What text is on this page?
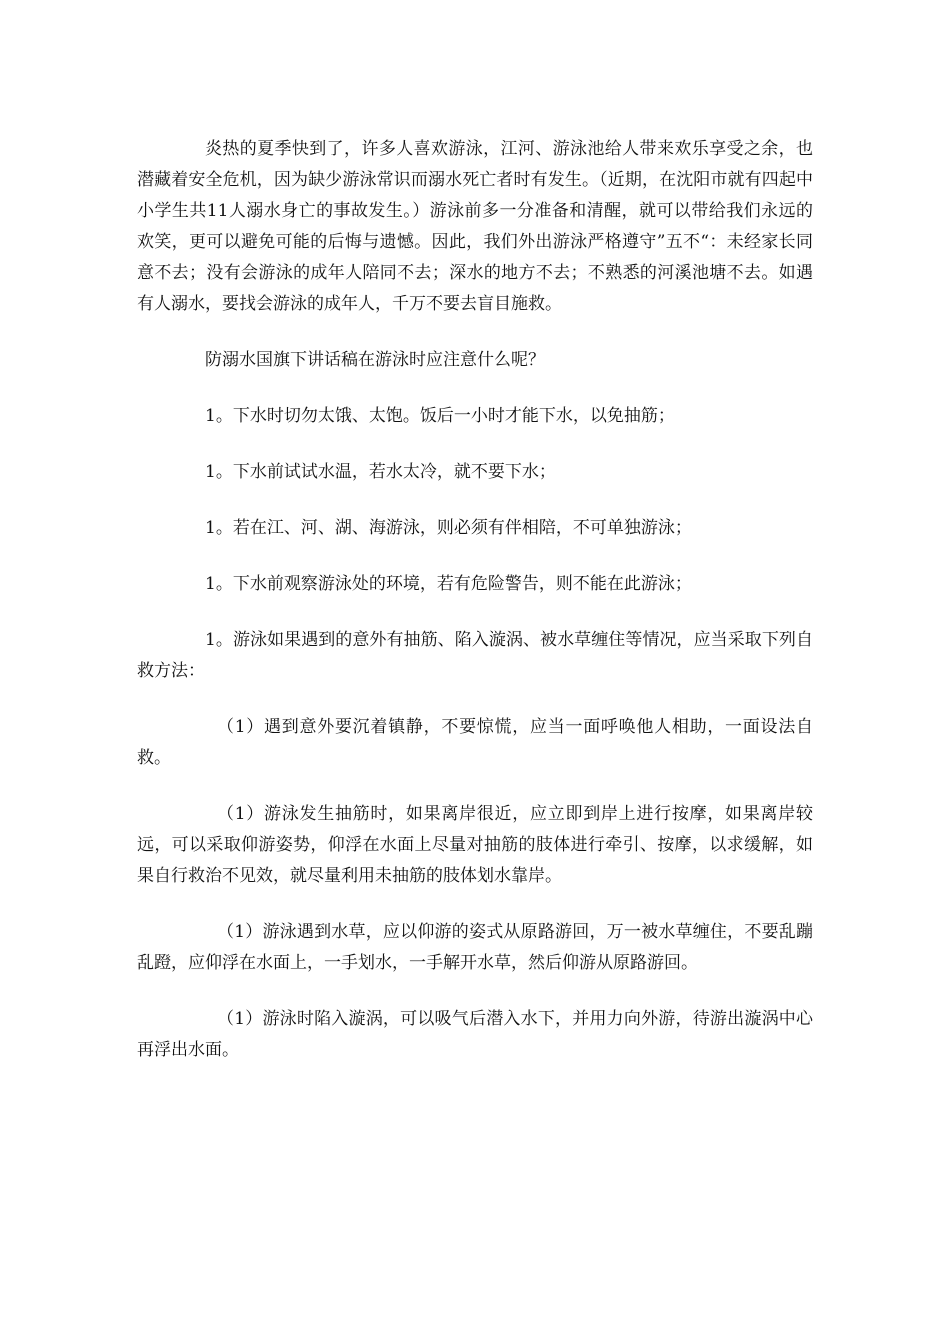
炎热的夏季快到了，许多人喜欢游泳，江河、游泳池给人带来欢乐享受之余，也潜藏着安全危机，因为缺少游泳常识而溺水死亡者时有发生。（近期，在沈阳市就有四起中小学生共11人溺水身亡的事故发生。）游泳前多一分准备和清醒，就可以带给我们永远的欢笑，更可以避免可能的后悔与遗憾。因此，我们外出游泳严格遵守”五不“：未经家长同意不去；没有会游泳的成年人陪同不去；深水的地方不去；不熟悉的河溪池塘不去。如遇有人溺水，要找会游泳的成年人，千万不要去盲目施救。

防溺水国旗下讲话稿在游泳时应注意什么呢？

1。下水时切勿太饿、太饱。饭后一小时才能下水，以免抽筋；

1。下水前试试水温，若水太冷，就不要下水；

1。若在江、河、湖、海游泳，则必须有伴相陪，不可单独游泳；

1。下水前观察游泳处的环境，若有危险警告，则不能在此游泳；

1。游泳如果遇到的意外有抽筋、陷入漩涡、被水草缠住等情况，应当采取下列自救方法：

（1）遇到意外要沉着镇静，不要惊慌，应当一面呼唤他人相助，一面设法自救。

（1）游泳发生抽筋时，如果离岸很近，应立即到岸上进行按摩，如果离岸较远，可以采取仰游姿势，仰浮在水面上尽量对抽筋的肢体进行牵引、按摩，以求缓解，如果自行救治不见效，就尽量利用未抽筋的肢体划水靠岸。

（1）游泳遇到水草，应以仰游的姿式从原路游回，万一被水草缠住，不要乱蹦乱蹬，应仰浮在水面上，一手划水，一手解开水草，然后仰游从原路游回。

（1）游泳时陷入漩涡，可以吸气后潜入水下，并用力向外游，待游出漩涡中心再浮出水面。
